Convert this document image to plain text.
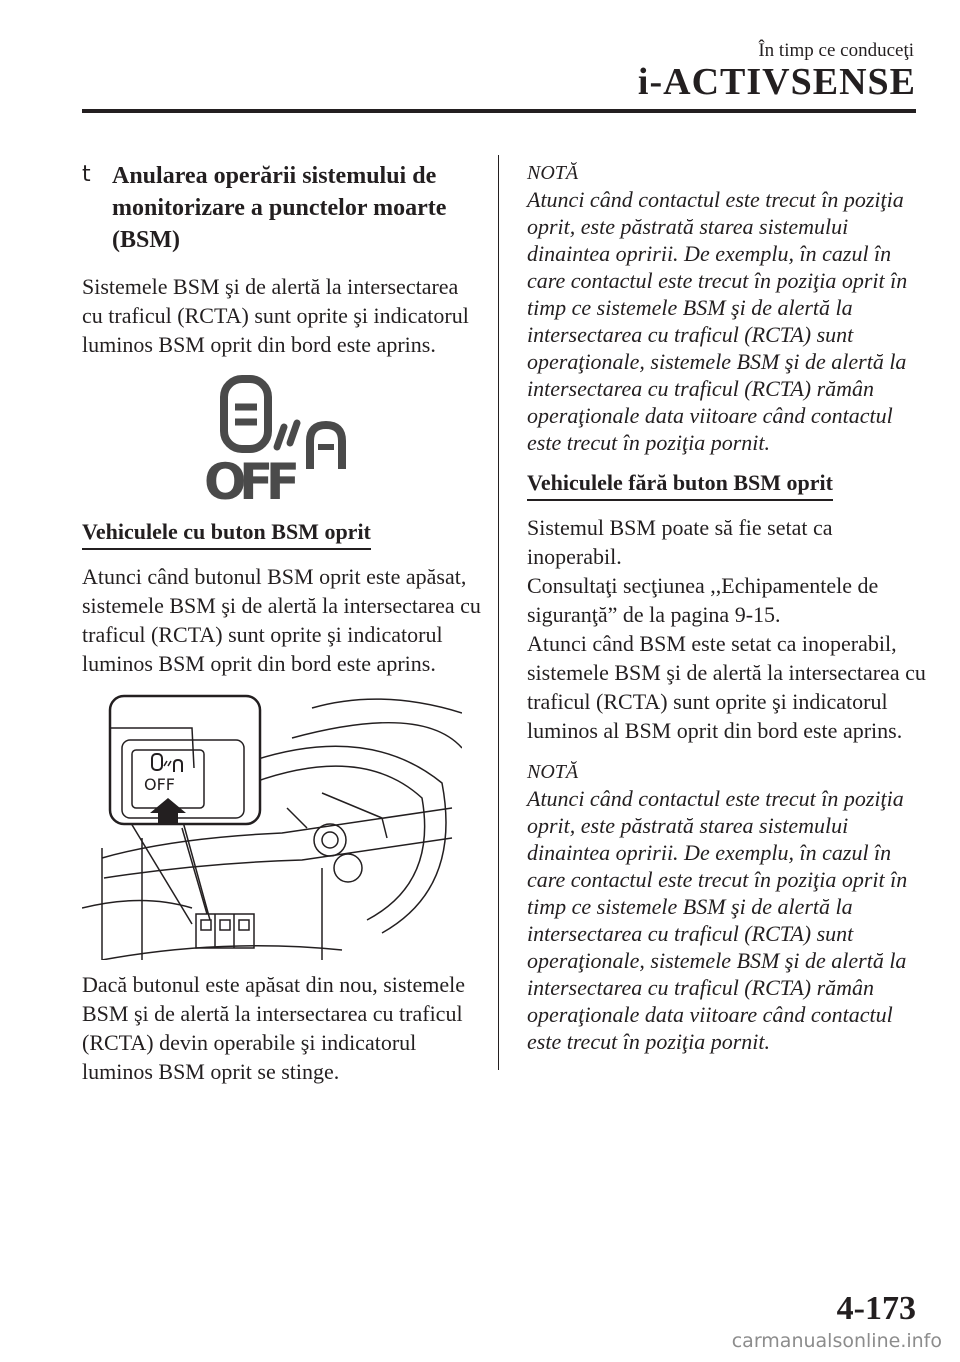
În timp ce conduceţi
i-ACTIVSENSE
t Anularea operării sistemului de monitorizare a punctelor moarte (BSM)

Sistemele BSM şi de alertă la intersectarea cu traficul (RCTA) sunt oprite şi indicatorul luminos BSM oprit din bord este aprins.

OFF
Vehiculele cu buton BSM oprit

Atunci când butonul BSM oprit este apăsat, sistemele BSM şi de alertă la intersectarea cu traficul (RCTA) sunt oprite şi indicatorul luminos BSM oprit din bord este aprins.

OFF

Dacă butonul este apăsat din nou, sistemele BSM şi de alertă la intersectarea cu traficul (RCTA) devin operabile şi indicatorul luminos BSM oprit se stinge.

NOTĂ

Atunci când contactul este trecut în poziţia oprit, este păstrată starea sistemului dinaintea opririi. De exemplu, în cazul în care contactul este trecut în poziţia oprit în timp ce sistemele BSM şi de alertă la intersectarea cu traficul (RCTA) sunt operaţionale, sistemele BSM şi de alertă la intersectarea cu traficul (RCTA) rămân operaţionale data viitoare când contactul este trecut în poziţia pornit.

Vehiculele fără buton BSM oprit

Sistemul BSM poate să fie setat ca inoperabil.

Consultaţi secţiunea ,,Echipamentele de siguranţă” de la pagina 9-15.

Atunci când BSM este setat ca inoperabil, sistemele BSM şi de alertă la intersectarea cu traficul (RCTA) sunt oprite şi indicatorul luminos al BSM oprit din bord este aprins.

NOTĂ

Atunci când contactul este trecut în poziţia oprit, este păstrată starea sistemului dinaintea opririi. De exemplu, în cazul în care contactul este trecut în poziţia oprit în timp ce sistemele BSM şi de alertă la intersectarea cu traficul (RCTA) sunt operaţionale, sistemele BSM şi de alertă la intersectarea cu traficul (RCTA) rămân operaţionale data viitoare când contactul este trecut în poziţia pornit.

4-173
carmanualsonline.info
